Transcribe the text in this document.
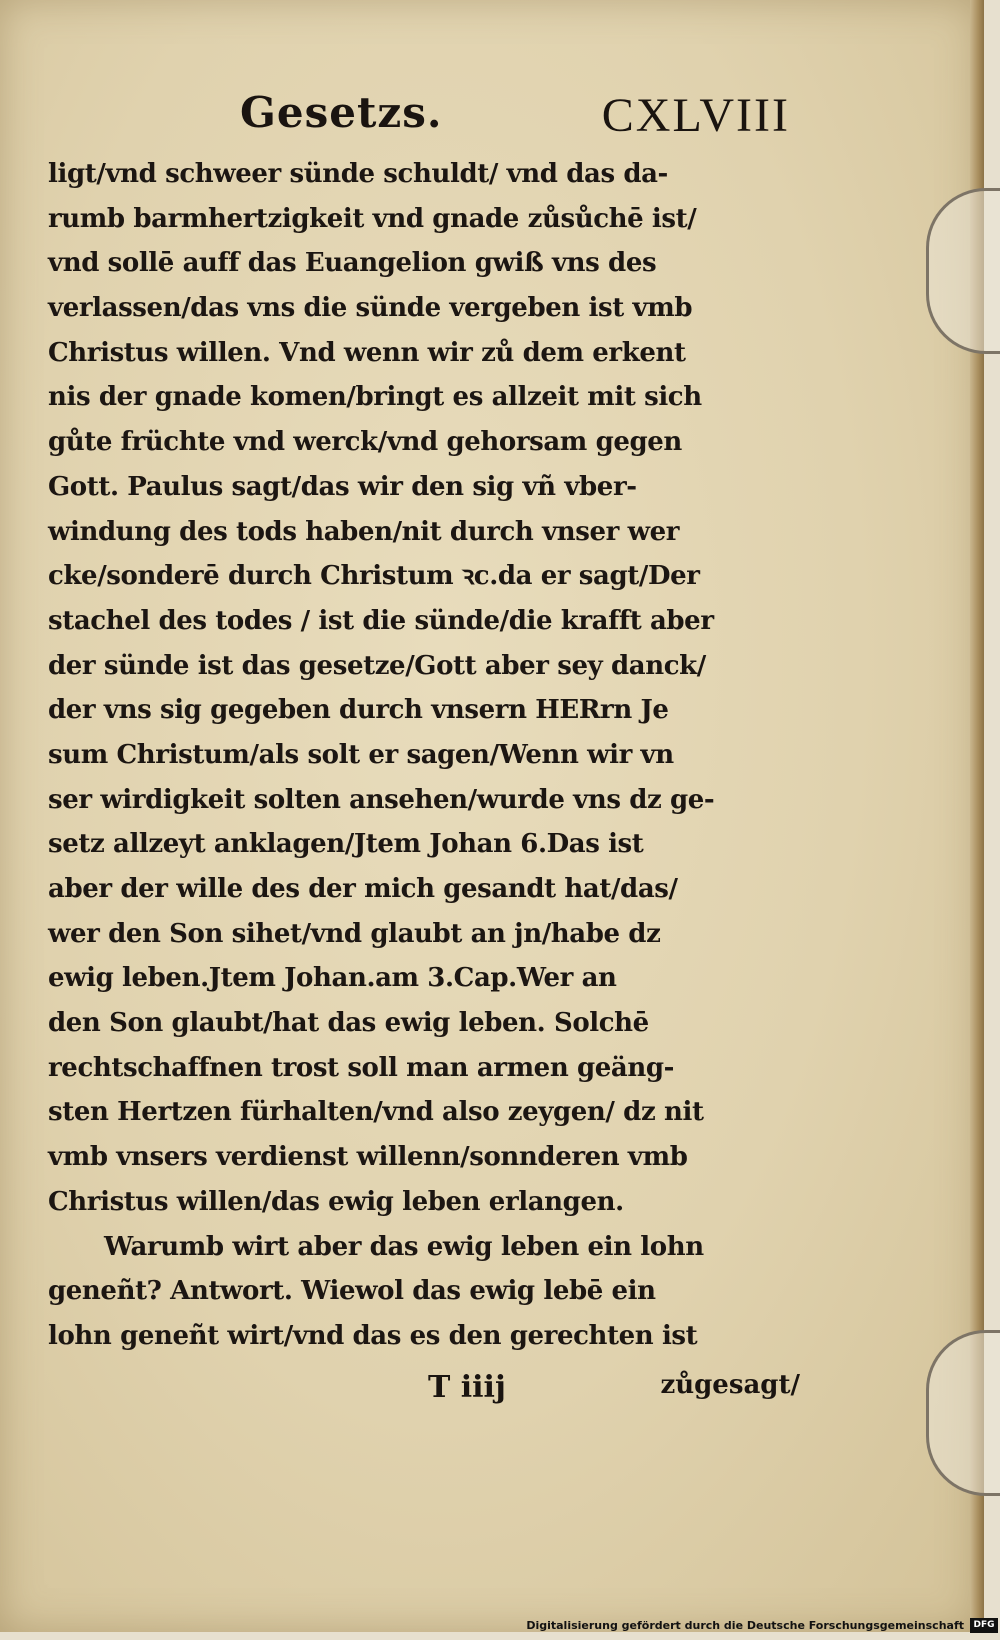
Gesetzs.	CXLVIII
ligt/vnd schweer sünde schuldt/ vnd das da-
rumb barmhertzigkeit vnd gnade zůsůchē ist/
vnd sollē auff das Euangelion gwiß vns des
verlassen/das vns die sünde vergeben ist vmb
Christus willen. Vnd wenn wir zů dem erkent
nis der gnade komen/bringt es allzeit mit sich
gůte früchte vnd werck/vnd gehorsam gegen
Gott. Paulus sagt/das wir den sig vñ vber-
windung des tods haben/nit durch vnser wer
cke/sonderē durch Christum ꝛc.da er sagt/Der
stachel des todes / ist die sünde/die krafft aber
der sünde ist das gesetze/Gott aber sey danck/
der vns sig gegeben durch vnsern HERrn Je
sum Christum/als solt er sagen/Wenn wir vn
ser wirdigkeit solten ansehen/wurde vns dz ge-
setz allzeyt anklagen/Jtem Johan 6.Das ist
aber der wille des der mich gesandt hat/das/
wer den Son sihet/vnd glaubt an jn/habe dz
ewig leben.Jtem Johan.am 3.Cap.Wer an
den Son glaubt/hat das ewig leben. Solchē
rechtschaffnen trost soll man armen geäng-
sten Hertzen fürhalten/vnd also zeygen/ dz nit
vmb vnsers verdienst willenn/sonnderen vmb
Christus willen/das ewig leben erlangen.
Warumb wirt aber das ewig leben ein lohn
geneñt? Antwort. Wiewol das ewig lebē ein
lohn geneñt wirt/vnd das es den gerechten ist
T iiij	zůgesagt/
Digitalisierung gefördert durch die Deutsche Forschungsgemeinschaft	DFG
